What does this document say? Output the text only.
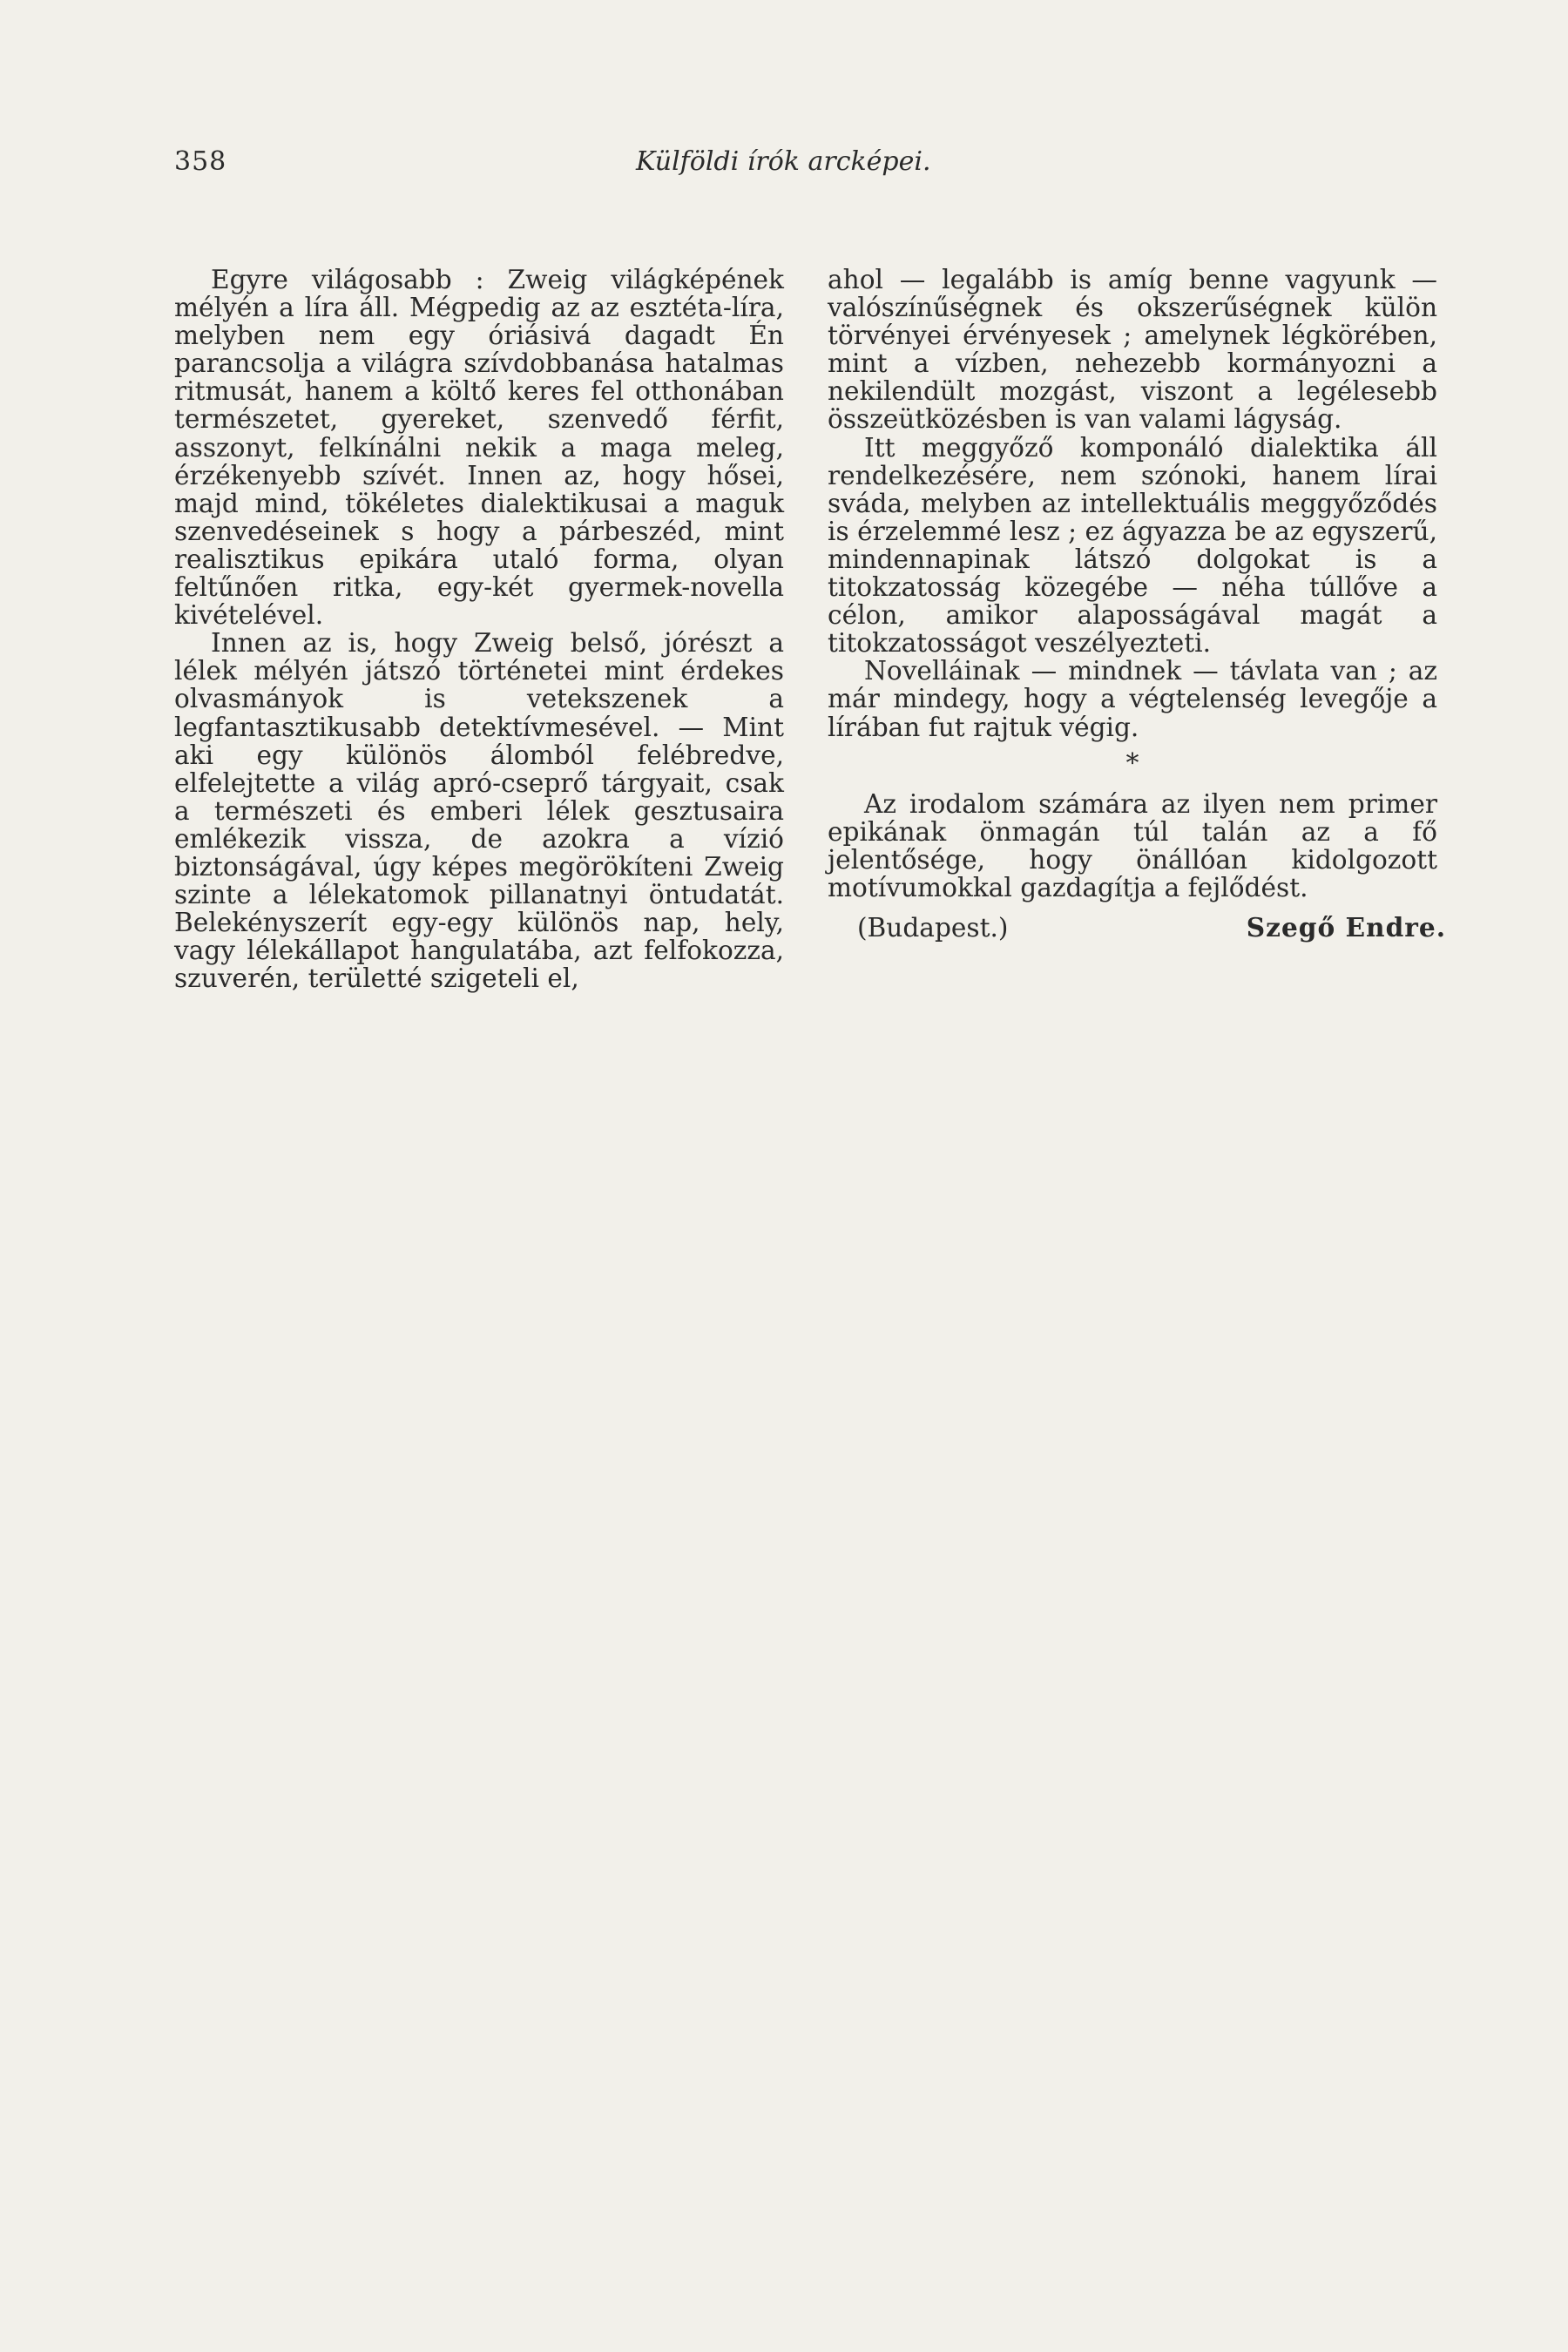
358	Külföldi írók arcképei.

Egyre világosabb : Zweig világképének mélyén a líra áll. Mégpedig az az esztéta-líra, melyben nem egy óriásivá dagadt Én parancsolja a világra szívdobbanása hatalmas ritmusát, hanem a költő keres fel otthonában természetet, gyereket, szenvedő férfit, asszonyt, felkínálni nekik a maga meleg, érzékenyebb szívét. Innen az, hogy hősei, majd mind, tökéletes dialektikusai a maguk szenvedéseinek s hogy a párbeszéd, mint realisztikus epikára utaló forma, olyan feltűnően ritka, egy-két gyermek-novella kivételével.

Innen az is, hogy Zweig belső, jórészt a lélek mélyén játszó történetei mint érdekes olvasmányok is vetekszenek a legfantasztikusabb detektívmesével. — Mint aki egy különös álomból felébredve, elfelejtette a világ apró-cseprő tárgyait, csak a természeti és emberi lélek gesztusaira emlékezik vissza, de azokra a vízió biztonságával, úgy képes megörökíteni Zweig szinte a lélekatomok pillanatnyi öntudatát. Belekényszerít egy-egy különös nap, hely, vagy lélekállapot hangulatába, azt felfokozza, szuverén, területté szigeteli el,

ahol — legalább is amíg benne vagyunk — valószínűségnek és okszerűségnek külön törvényei érvényesek ; amelynek légkörében, mint a vízben, nehezebb kormányozni a nekilendült mozgást, viszont a legélesebb összeütközésben is van valami lágyság.

Itt meggyőző komponáló dialektika áll rendelkezésére, nem szónoki, hanem lírai sváda, melyben az intellektuális meggyőződés is érzelemmé lesz ; ez ágyazza be az egyszerű, mindennapinak látszó dolgokat is a titokzatosság közegébe — néha túllőve a célon, amikor alaposságával magát a titokzatosságot veszélyezteti.

Novelláinak — mindnek — távlata van ; az már mindegy, hogy a végtelenség levegője a lírában fut rajtuk végig.

*

Az irodalom számára az ilyen nem primer epikának önmagán túl talán az a fő jelentősége, hogy önállóan kidolgozott motívumokkal gazdagítja a fejlődést.

(Budapest.)	Szegő Endre.
